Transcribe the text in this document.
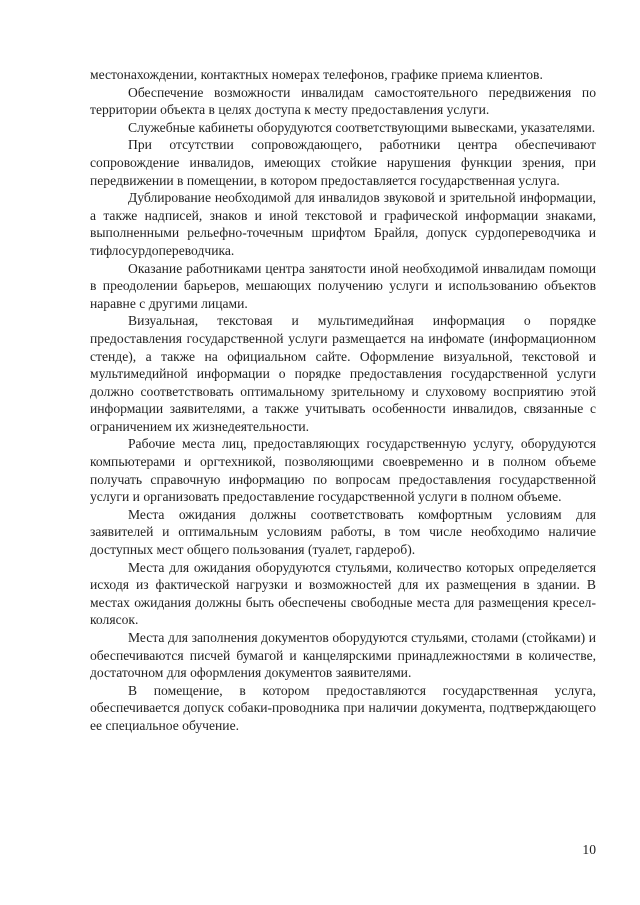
местонахождении, контактных номерах телефонов, графике приема клиентов.

Обеспечение возможности инвалидам самостоятельного передвижения по территории объекта в целях доступа к месту предоставления услуги.

Служебные кабинеты оборудуются соответствующими вывесками, указателями.

При отсутствии сопровождающего, работники центра обеспечивают сопровождение инвалидов, имеющих стойкие нарушения функции зрения, при передвижении в помещении, в котором предоставляется государственная услуга.

Дублирование необходимой для инвалидов звуковой и зрительной информации, а также надписей, знаков и иной текстовой и графической информации знаками, выполненными рельефно-точечным шрифтом Брайля, допуск сурдопереводчика и тифлосурдопереводчика.

Оказание работниками центра занятости иной необходимой инвалидам помощи в преодолении барьеров, мешающих получению услуги и использованию объектов наравне с другими лицами.

Визуальная, текстовая и мультимедийная информация о порядке предоставления государственной услуги размещается на инфомате (информационном стенде), а также на официальном сайте. Оформление визуальной, текстовой и мультимедийной информации о порядке предоставления государственной услуги должно соответствовать оптимальному зрительному и слуховому восприятию этой информации заявителями, а также учитывать особенности инвалидов, связанные с ограничением их жизнедеятельности.

Рабочие места лиц, предоставляющих государственную услугу, оборудуются компьютерами и оргтехникой, позволяющими своевременно и в полном объеме получать справочную информацию по вопросам предоставления государственной услуги и организовать предоставление государственной услуги в полном объеме.

Места ожидания должны соответствовать комфортным условиям для заявителей и оптимальным условиям работы, в том числе необходимо наличие доступных мест общего пользования (туалет, гардероб).

Места для ожидания оборудуются стульями, количество которых определяется исходя из фактической нагрузки и возможностей для их размещения в здании. В местах ожидания должны быть обеспечены свободные места для размещения кресел-колясок.

Места для заполнения документов оборудуются стульями, столами (стойками) и обеспечиваются писчей бумагой и канцелярскими принадлежностями в количестве, достаточном для оформления документов заявителями.

В помещение, в котором предоставляются государственная услуга, обеспечивается допуск собаки-проводника при наличии документа, подтверждающего ее специальное обучение.

10
